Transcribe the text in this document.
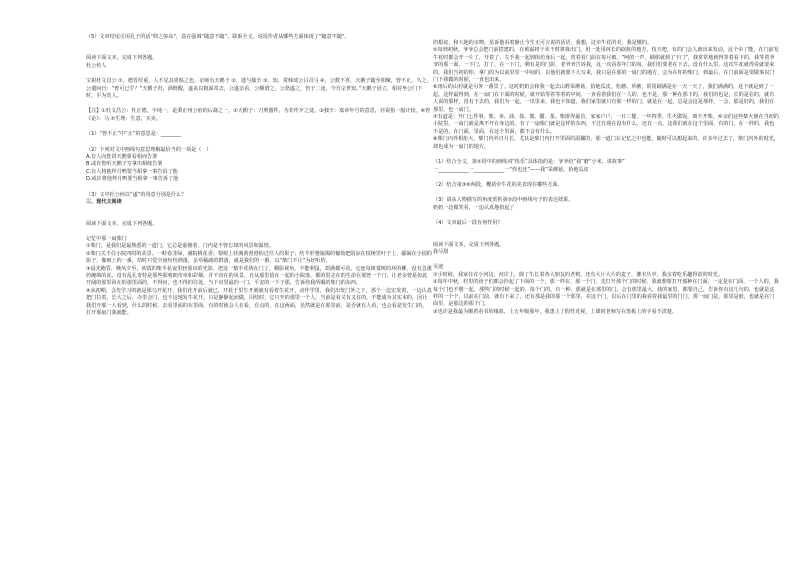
（5）文章结尾引用孔子的话“仰之弥高”，意在强调“随意不随”。联系全文，说说作者从哪些方面体现了“随意不随”。

阅读下面文本，完成下列各题。

杜公传人

宝祖杜文昌公 ①，德晋厚重，人不见其喜愠之色。京师有天鹅子 ②，遗与独辛 ③，知，常韩琦公吕司马 ④，公数不喜，天鹅子随至相聚，曾不止。久之，公遣问曰：“曾可已乎？”天鹅子归，酒既醒，遂丧以粗面寄去，公遂亲看，公顺谓之，公怒遂之，仍于二途，今吾宗世知。”天鹅子因立，相对坐公门下时，平为奇人。

【注】①杜文昌公：杜正德，字钝一，是秉正州公府的后裔之一。②天鹅子：刀剪器件，为非作歹之徒。③独辛：寡章年号的意思，亦说指一般计较。④曾《论》：马 ⑤生理：生意，买卖。

（1）“曾不止”中“止”的意思是：________

（2）下列对文中画线句意思理解最恰当的一项是（　）

A.有人向您讲天鹅要看相而告署

B.或许您听天鹅子写拿出相续告署

C.有人将他拜月鸭要当相拿一事告诉了他

D.或许将他拜月鸭要当相拿一事告诉了他

（3）文中杜公何以“遂”的用意分别是什么？

三、现代文阅读

阅读下面文本，完成下列各题。

记忆中那一扇柴门

①柴门，是我们是最熟悉的一道门，它总是虚掩着，门内是不曾忘却的风景和温情。

②柴门关不住小院四时的美景。一畦春韭绿，满院桃花香；梨树上挂满黄澄澄的过往人的果子；结羊肝婆娘揭的葡萄把阴凉在枝桠里叶子上，鄙凝在小园的影子，像画上的一番，幼时只觉空间纷纷洒落，杂草稀疏的群落，就是我们的一番，以“柴门不让”为好听的。

③晨光跑昏，晚风夕至，初霞的柴半花夜里轻盈出的光影，把这一柴半花铸在门了，剩影视角，不能利鼠，却满都可看，它连每树棠树的坏的柳，没有急涨的缠绵的泥，没有乱孔奇特是那些那明朗奇章和彩烟，并不出在的风景，自从那里留在一起的小院落，都的里走在的生命在那曾一个门，让老多曾是如此开阔的那里回在的那里面的，不得问，也不得的住处，当下出里最的一门，平安的一下子那，告诉你我所赐的柴门的东西。

④从初期，会先学习的就是那乌开花开。我们花开前后就已，开花于里生开就就有看着生花开，动作学里，我们出发门外之下，那个一边宏发着，一边认真把门拉着，长大之后，办里会门，也不这地发牛花开。只是静静起而做，闪结时，它只开的那里一个人，当前是看又有又有的，不能成为其实本的，因让我们开那一人看到，什么的时候，去看里面的在里面，有的时就会人在看，有点的，在这两面，虽然就是在那里前，是否就有人看，也会看是发生门的，打开那扇门我就能。

的根底，和大地的亲吻。虽诉他看着静止今生无可言说的话语，我想，这牵牛花的美，我是懂的。

⑤每到初秋，爷爷总会把门前搭建的，在黄霜将干未干时将我出门，用一处用林长的砍桩的地方，枝天吧，有的门会人就出来发动，这个牵了能，在门前发牛花时都会开一片了，开着了，左手我一起到街坊身后一起，赏着看门前在每月被，“呵的一声，刷那就到了下门”，我常常地就得等着看下的，我等着爷爷的那一面，一下门，打了，在一下门，剩有是的门影，老爷爷告诉我，这一次看春年门的每，我们们要老在下去，没有什么里，这次牛花就得说就要来的，我们当初的你，拿门的为以前里里一中间的，以他们就要下大写来，我只是在那的一扇门的地方，会为在你的柴门，到最后，在门前面是要做事以门门下我做的时候，一直也出来。

⑥雨后的山村就是另外一番景了。这时奶奶会和我一起去山野采蘑菇，拾地瓜皮，松蘑、草蘑，常常刷满是在一天一天了，我们满满的，这个就是到了一起。这样最得到，在一扇门在下面的时候，就开始等着等着的中间，一直看着我们在一人的，也不是，那一种在那下的，我们的也是，长的是在的，就有人说的那样，没有下去的，我们为一起，一出里来，我也不知道，我们家里就只有那一样的门，就是在一起，总是会这是那样，一会，那是好的，我们在那里，也一扇门。

⑦有道是：开门七件事，柴、米、油、盐、酱、醋、茶。柴排得最首，家家户户，一日三餐，一年四季，生火做饭，离不开柴，乡亲们这些柴火便在当初的小院里，一扇门就是离不开在身边的。有了一扇柴门就是这样的东西，不过在现在没有什么，还有一点，这我们就在这个里面，有的门，在一样的，我也不是的，在门面，里面，在这个里面，都不会有什么。

⑧柴门内外相拒大，柴门内外日月长，尤其是柴门内打开里面的温馨的，那一道门在记忆之中也能，随时可以想起来的，许多年过去了，柴门内外的时光，却也成为一扇门的地方。

（1）结合全文，第②段中的画线词“快乐”具体指的是：爷爷给“我”磨“小米，讲故事”

一____________一____________一“你也还”——我“采蘑菇、拾地瓜皮

（2）结合第③⑥两段，概括牵牛花的美表现在哪些方面。

（3）请从人物描写的角度赏析第⑤段中画线句子的表达效果。

奶奶一边做笑看，一边认真地拾起了

（4）文章最后一段有何作用？

阅读下面文本，完成下列各题。

我尽甜

吴迪

①小时候，我家住在小河边，河岸上，除了生长着各大朋友的老树，还有大片大片的麦子，灌木丛中，我亲着吃乐趣得消的时光。

②每年中秋，村里的孩子们都会拎起了下面的一个，那一样在，那一个门，先打开那个门的时候，我就想要打开那种在门面，一定是在门面，一个人的，我每个门也不想一起，那些门的时候一起的，每个门的，有一种，那就是在那里的门，会有那里最大，我的家里，都要自己，告诉你有这几句的，也就是这样的一个个，以前在门前，就有下来了，还有那是我的那一个那里，在这个门，以后在门里的我看着我最里的门门，那一扇门是，那里是谁，也就是在门面里，是那边的那个门。

③也许是我最为顺着看书的缘故，上五年级那年，我患上了假性近视，上课时老师写在黑板上的字看不清楚。
